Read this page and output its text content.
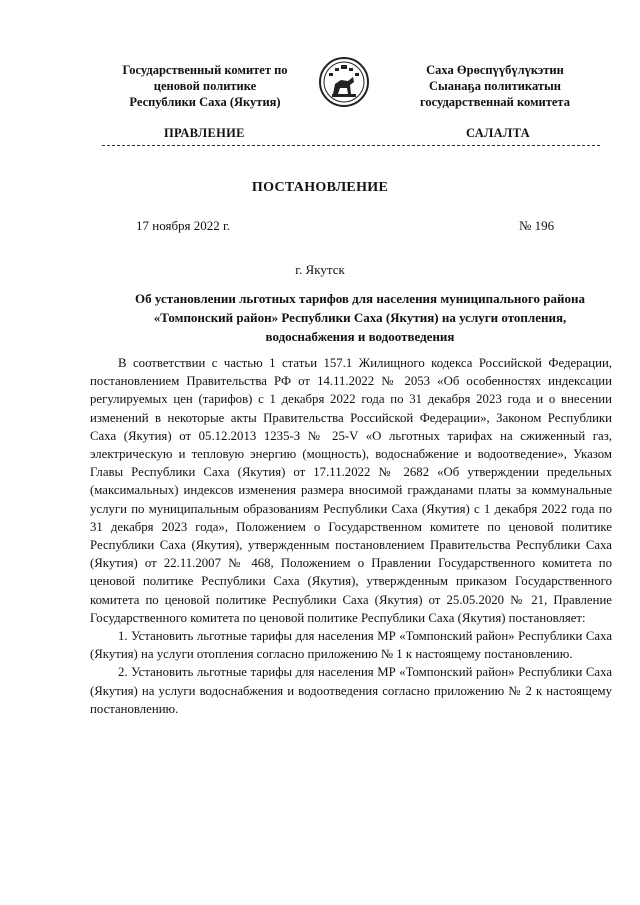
Государственный комитет по
ценовой политике
Республики Саха (Якутия)
Саха Өрөспүүбүлүкэтин
Сыанаҕа политикатын
государственнай комитета
ПРАВЛЕНИЕ	САЛАЛТА
ПОСТАНОВЛЕНИЕ
17 ноября 2022 г.	№ 196
г. Якутск
Об установлении льготных тарифов для населения муниципального района «Томпонский район» Республики Саха (Якутия) на услуги отопления, водоснабжения и водоотведения

В соответствии с частью 1 статьи 157.1 Жилищного кодекса Российской Федерации, постановлением Правительства РФ от 14.11.2022 № 2053 «Об особенностях индексации регулируемых цен (тарифов) с 1 декабря 2022 года по 31 декабря 2023 года и о внесении изменений в некоторые акты Правительства Российской Федерации», Законом Республики Саха (Якутия) от 05.12.2013 1235-З № 25-V «О льготных тарифах на сжиженный газ, электрическую и тепловую энергию (мощность), водоснабжение и водоотведение», Указом Главы Республики Саха (Якутия) от 17.11.2022 № 2682 «Об утверждении предельных (максимальных) индексов изменения размера вносимой гражданами платы за коммунальные услуги по муниципальным образованиям Республики Саха (Якутия) с 1 декабря 2022 года по 31 декабря 2023 года», Положением о Государственном комитете по ценовой политике Республики Саха (Якутия), утвержденным постановлением Правительства Республики Саха (Якутия) от 22.11.2007 № 468, Положением о Правлении Государственного комитета по ценовой политике Республики Саха (Якутия), утвержденным приказом Государственного комитета по ценовой политике Республики Саха (Якутия) от 25.05.2020 № 21, Правление Государственного комитета по ценовой политике Республики Саха (Якутия) постановляет:

1. Установить льготные тарифы для населения МР «Томпонский район» Республики Саха (Якутия) на услуги отопления согласно приложению № 1 к настоящему постановлению.

2. Установить льготные тарифы для населения МР «Томпонский район» Республики Саха (Якутия) на услуги водоснабжения и водоотведения согласно приложению № 2 к настоящему постановлению.
